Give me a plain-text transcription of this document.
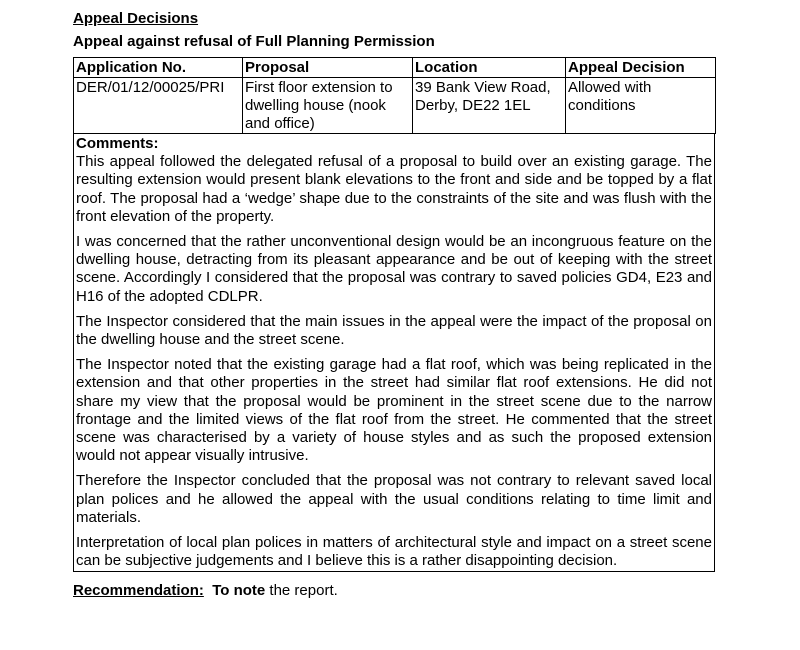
Appeal Decisions
Appeal against refusal of Full Planning Permission
Application No.	Proposal	Location	Appeal Decision
DER/01/12/00025/PRI	First floor extension to dwelling house (nook and office)	39 Bank View Road, Derby, DE22 1EL	Allowed with conditions
Comments:

This appeal followed the delegated refusal of a proposal to build over an existing garage. The resulting extension would present blank elevations to the front and side and be topped by a flat roof. The proposal had a ‘wedge’ shape due to the constraints of the site and was flush with the front elevation of the property.

I was concerned that the rather unconventional design would be an incongruous feature on the dwelling house, detracting from its pleasant appearance and be out of keeping with the street scene. Accordingly I considered that the proposal was contrary to saved policies GD4, E23 and H16 of the adopted CDLPR.

The Inspector considered that the main issues in the appeal were the impact of the proposal on the dwelling house and the street scene.

The Inspector noted that the existing garage had a flat roof, which was being replicated in the extension and that other properties in the street had similar flat roof extensions. He did not share my view that the proposal would be prominent in the street scene due to the narrow frontage and the limited views of the flat roof from the street. He commented that the street scene was characterised by a variety of house styles and as such the proposed extension would not appear visually intrusive.

Therefore the Inspector concluded that the proposal was not contrary to relevant saved local plan polices and he allowed the appeal with the usual conditions relating to time limit and materials.

Interpretation of local plan polices in matters of architectural style and impact on a street scene can be subjective judgements and I believe this is a rather disappointing decision.

Recommendation: To note the report.
